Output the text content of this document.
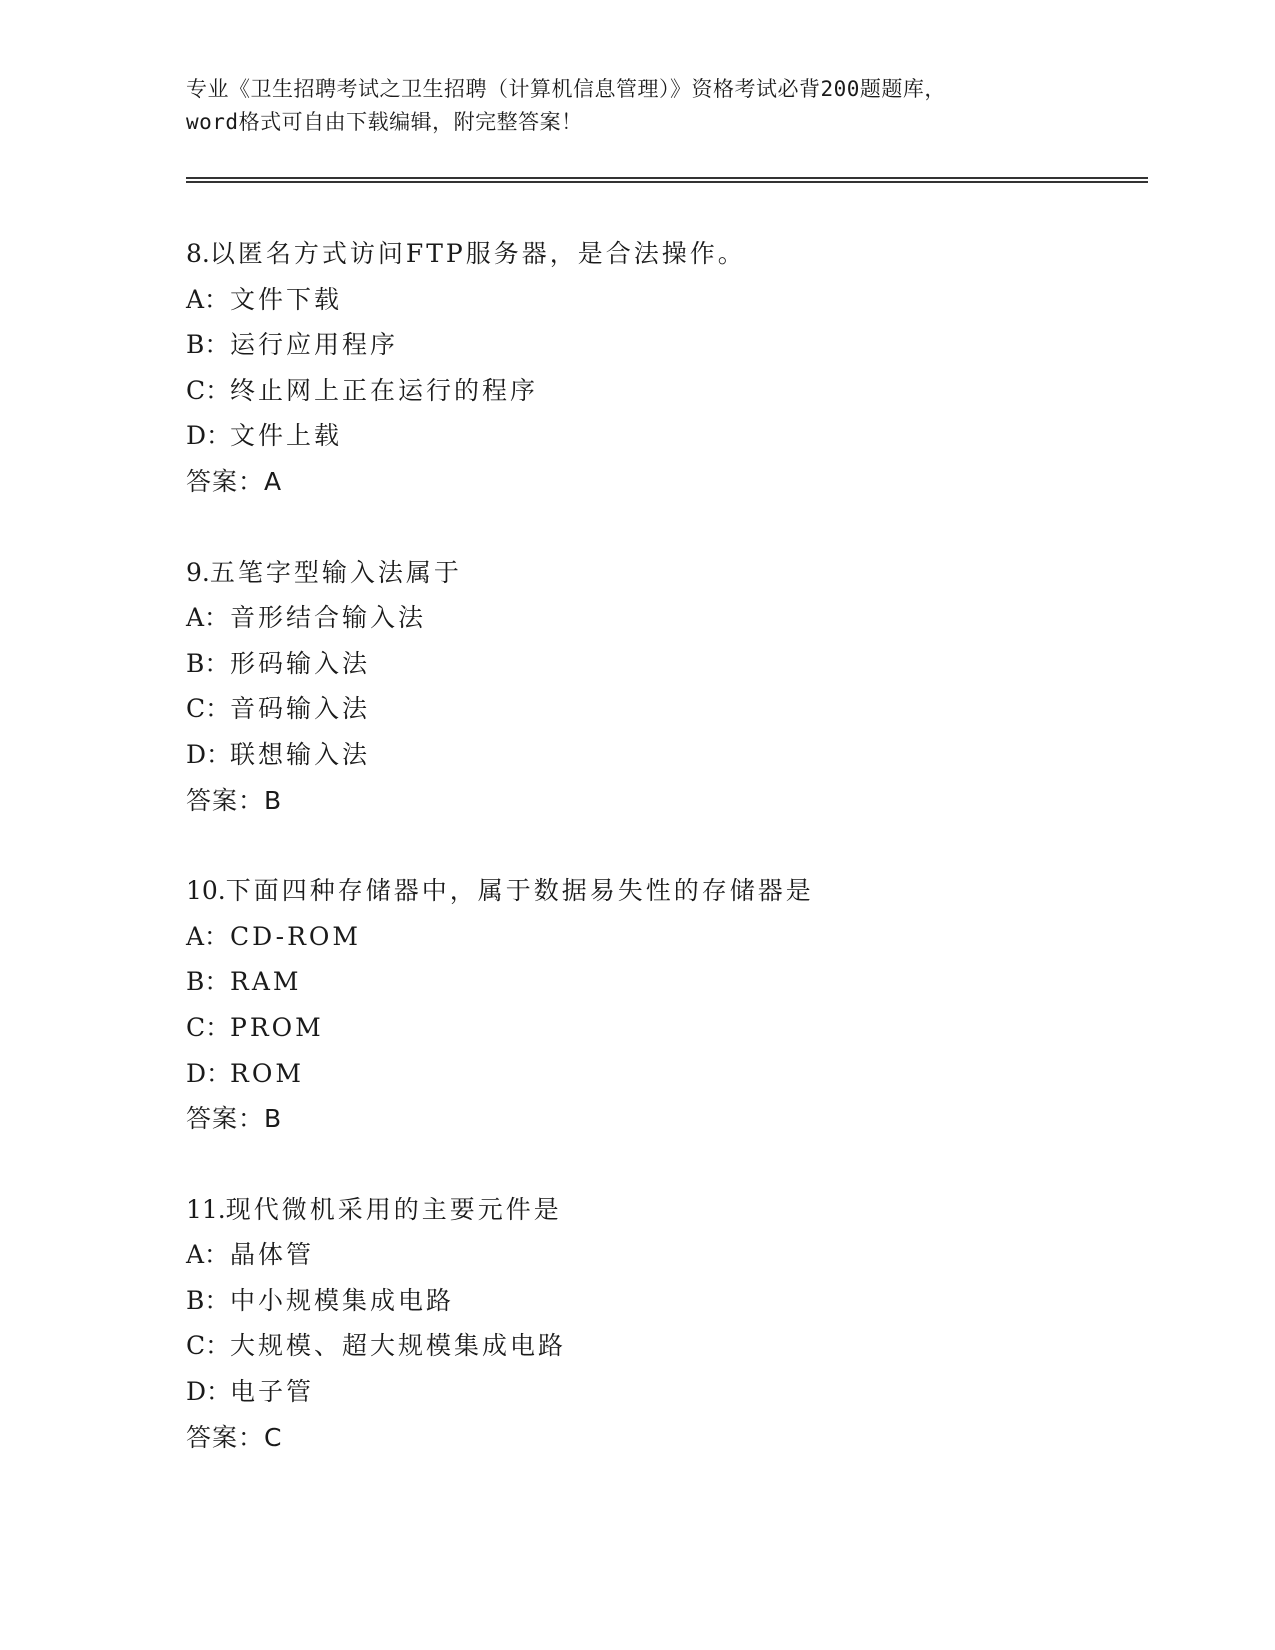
专业《卫生招聘考试之卫生招聘（计算机信息管理）》资格考试必背200题题库，
word格式可自由下载编辑，附完整答案！
8.以匿名方式访问FTP服务器，是合法操作。
A：文件下载
B：运行应用程序
C：终止网上正在运行的程序
D：文件上载
答案：A
9.五笔字型输入法属于
A：音形结合输入法
B：形码输入法
C：音码输入法
D：联想输入法
答案：B
10.下面四种存储器中，属于数据易失性的存储器是
A：CD-ROM
B：RAM
C：PROM
D：ROM
答案：B
11.现代微机采用的主要元件是
A：晶体管
B：中小规模集成电路
C：大规模、超大规模集成电路
D：电子管
答案：C
